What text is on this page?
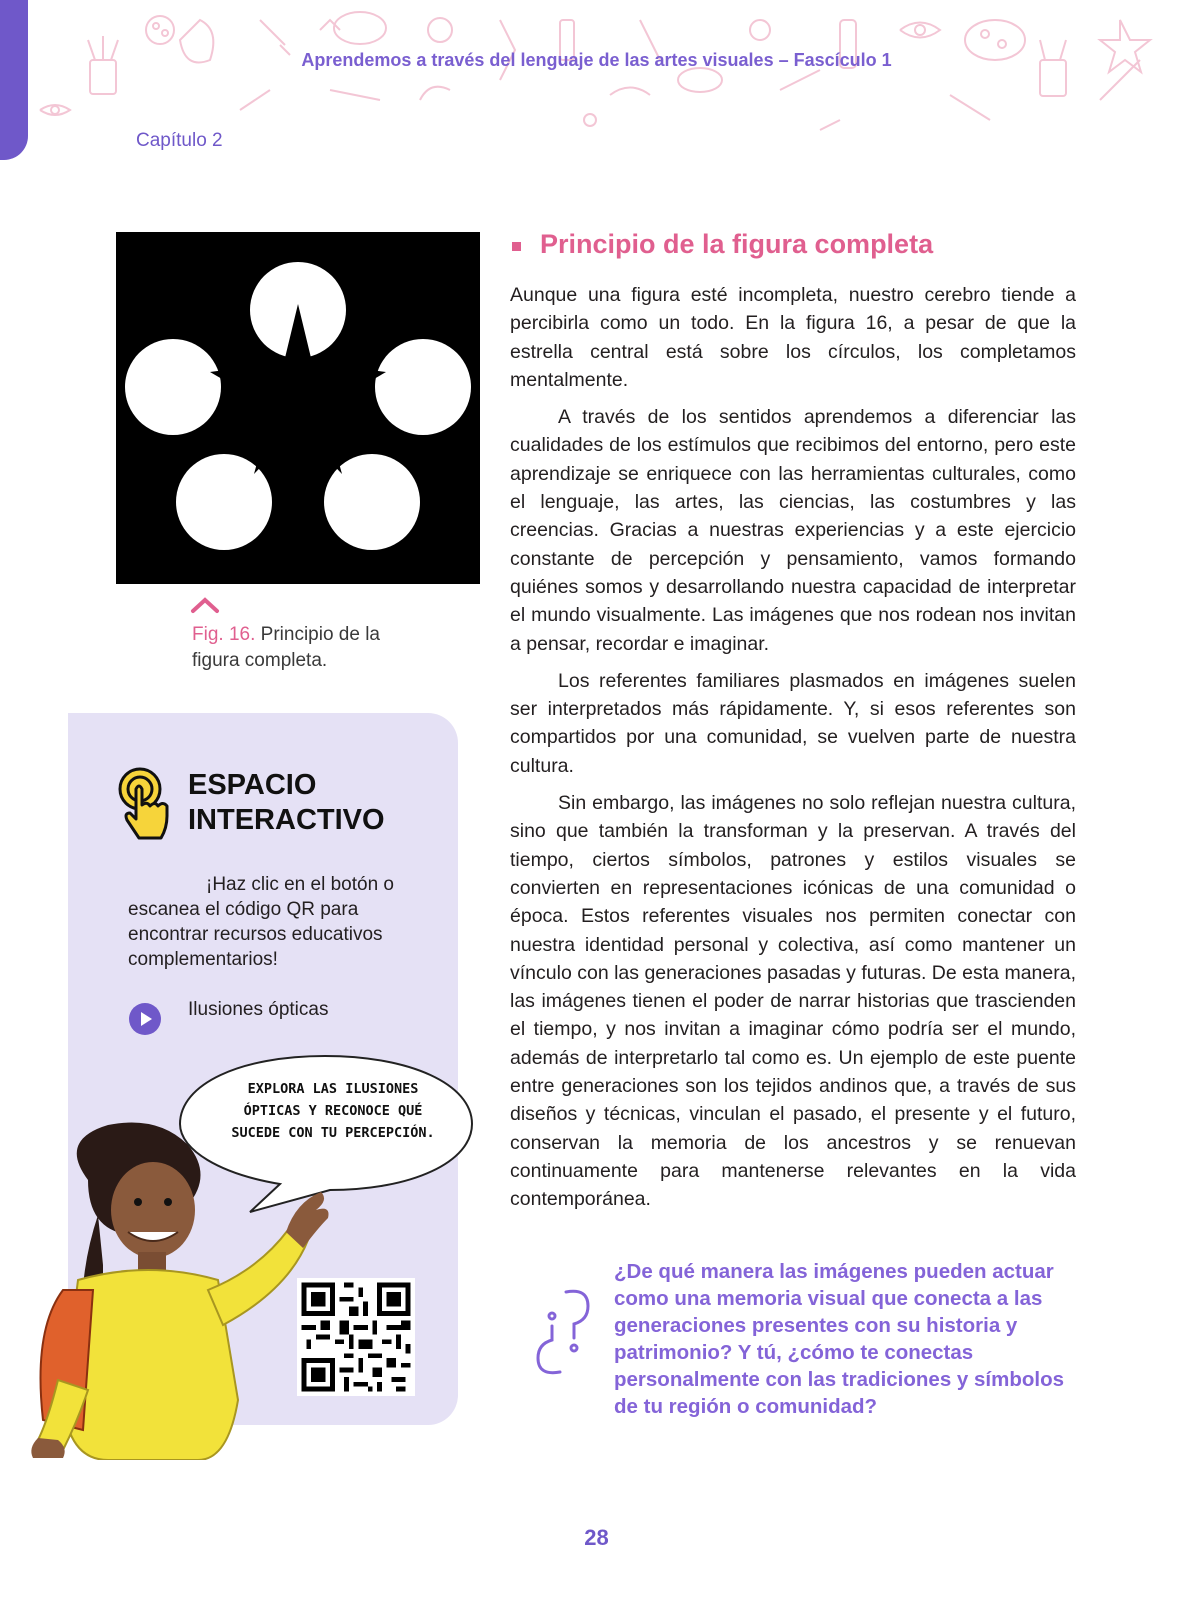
Aprendemos a través del lenguaje de las artes visuales – Fascículo 1
Capítulo 2
Fig. 16. Principio de la figura completa.
ESPACIO
INTERACTIVO
¡Haz clic en el botón o escanea el código QR para encontrar recursos educativos complementarios!
Ilusiones ópticas
EXPLORA LAS ILUSIONES ÓPTICAS Y RECONOCE QUÉ SUCEDE CON TU PERCEPCIÓN.
Principio de la figura completa

Aunque una figura esté incompleta, nuestro cerebro tiende a percibirla como un todo. En la figura 16, a pesar de que la estrella central está sobre los círculos, los completamos mentalmente.

A través de los sentidos aprendemos a diferenciar las cualidades de los estímulos que recibimos del entorno, pero este aprendizaje se enriquece con las herramientas culturales, como el lenguaje, las artes, las ciencias, las costumbres y las creencias. Gracias a nuestras experiencias y a este ejercicio constante de percepción y pensamiento, vamos formando quiénes somos y desarrollando nuestra capacidad de interpretar el mundo visualmente. Las imágenes que nos rodean nos invitan a pensar, recordar e imaginar.

Los referentes familiares plasmados en imágenes suelen ser interpretados más rápidamente. Y, si esos referentes son compartidos por una comunidad, se vuelven parte de nuestra cultura.

Sin embargo, las imágenes no solo reflejan nuestra cultura, sino que también la transforman y la preservan. A través del tiempo, ciertos símbolos, patrones y estilos visuales se convierten en representaciones icónicas de una comunidad o época. Estos referentes visuales nos permiten conectar con nuestra identidad personal y colectiva, así como mantener un vínculo con las generaciones pasadas y futuras. De esta manera, las imágenes tienen el poder de narrar historias que trascienden el tiempo, y nos invitan a imaginar cómo podría ser el mundo, además de interpretarlo tal como es. Un ejemplo de este puente entre generaciones son los tejidos andinos que, a través de sus diseños y técnicas, vinculan el pasado, el presente y el futuro, conservan la memoria de los ancestros y se renuevan continuamente para mantenerse relevantes en la vida contemporánea.

¿De qué manera las imágenes pueden actuar como una memoria visual que conecta a las generaciones presentes con su historia y patrimonio? Y tú, ¿cómo te conectas personalmente con las tradiciones y símbolos de tu región o comunidad?
28
